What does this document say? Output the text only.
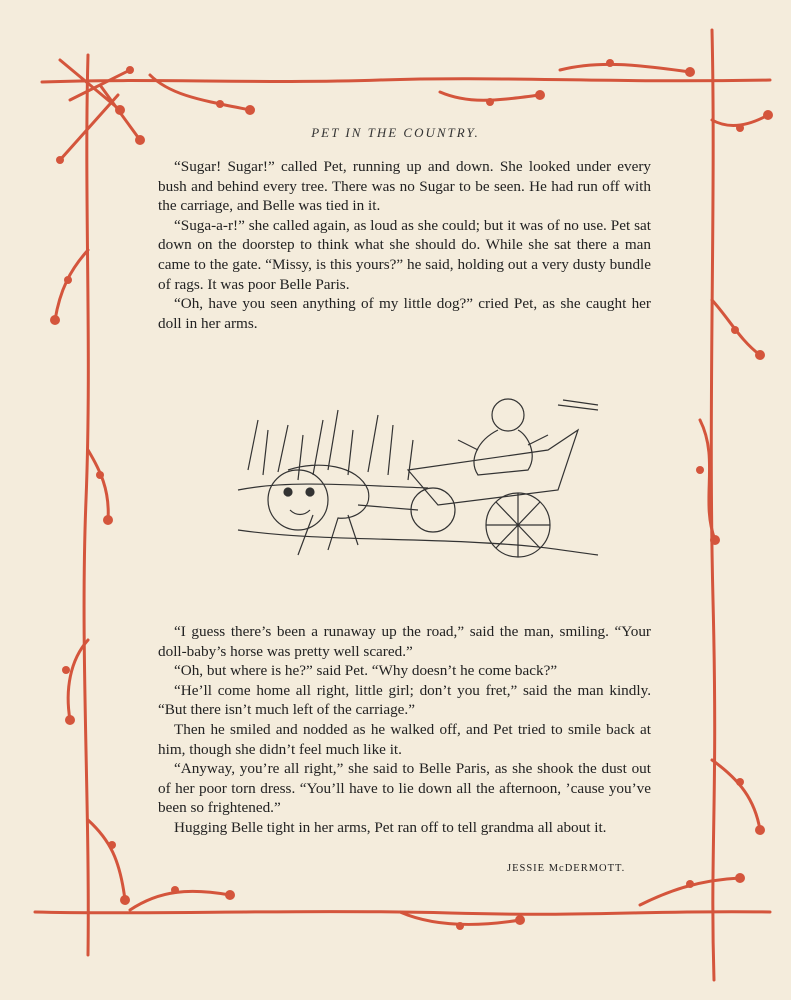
PET IN THE COUNTRY.

“Sugar! Sugar!” called Pet, running up and down. She looked under every bush and behind every tree. There was no Sugar to be seen. He had run off with the carriage, and Belle was tied in it.

“Suga-a-r!” she called again, as loud as she could; but it was of no use. Pet sat down on the doorstep to think what she should do. While she sat there a man came to the gate. “Missy, is this yours?” he said, holding out a very dusty bundle of rags. It was poor Belle Paris.

“Oh, have you seen anything of my little dog?” cried Pet, as she caught her doll in her arms.

“I guess there’s been a runaway up the road,” said the man, smiling. “Your doll-baby’s horse was pretty well scared.”

“Oh, but where is he?” said Pet. “Why doesn’t he come back?”

“He’ll come home all right, little girl; don’t you fret,” said the man kindly. “But there isn’t much left of the carriage.”

Then he smiled and nodded as he walked off, and Pet tried to smile back at him, though she didn’t feel much like it.

“Anyway, you’re all right,” she said to Belle Paris, as she shook the dust out of her poor torn dress. “You’ll have to lie down all the afternoon, ’cause you’ve been so frightened.”

Hugging Belle tight in her arms, Pet ran off to tell grandma all about it.

JESSIE McDERMOTT.
